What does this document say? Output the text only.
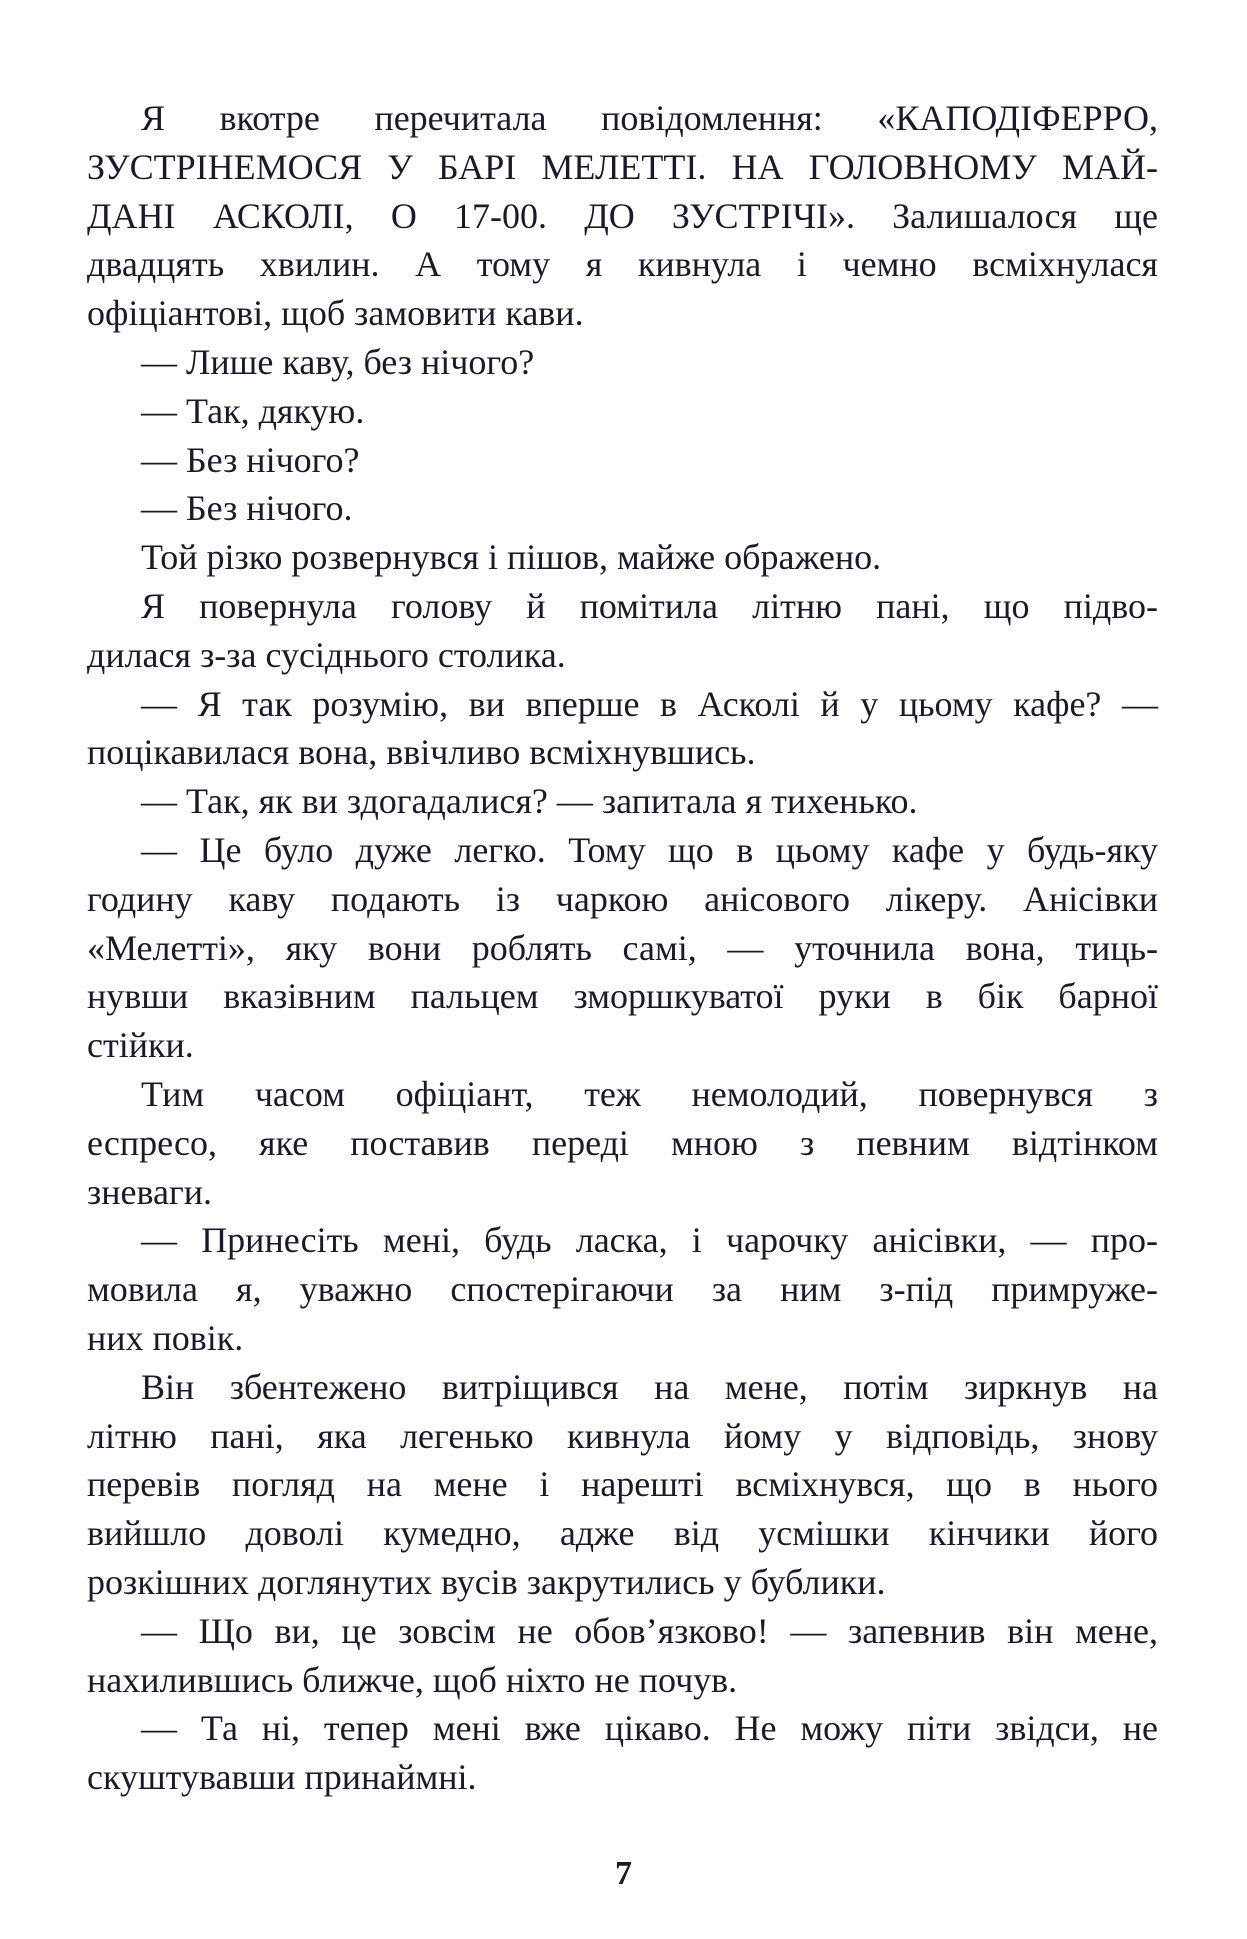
Я вкотре перечитала повідомлення: «КАПОДІФЕРРО,
ЗУСТРІНЕМОСЯ У БАРІ МЕЛЕТТІ. НА ГОЛОВНОМУ МАЙ-
ДАНІ АСКОЛІ, О 17-00. ДО ЗУСТРІЧІ». Залишалося ще
двадцять хвилин. А тому я кивнула і чемно всміхнулася
офіціантові, щоб замовити кави.
— Лише каву, без нічого?
— Так, дякую.
— Без нічого?
— Без нічого.
Той різко розвернувся і пішов, майже ображено.
Я повернула голову й помітила літню пані, що підво-
дилася з-за сусіднього столика.
— Я так розумію, ви вперше в Асколі й у цьому кафе? —
поцікавилася вона, ввічливо всміхнувшись.
— Так, як ви здогадалися? — запитала я тихенько.
— Це було дуже легко. Тому що в цьому кафе у будь-яку
годину каву подають із чаркою анісового лікеру. Анісівки
«Мелетті», яку вони роблять самі, — уточнила вона, тиць-
нувши вказівним пальцем зморшкуватої руки в бік барної
стійки.
Тим часом офіціант, теж немолодий, повернувся з
еспресо, яке поставив переді мною з певним відтінком
зневаги.
— Принесіть мені, будь ласка, і чарочку анісівки, — про-
мовила я, уважно спостерігаючи за ним з-під примруже-
них повік.
Він збентежено витріщився на мене, потім зиркнув на
літню пані, яка легенько кивнула йому у відповідь, знову
перевів погляд на мене і нарешті всміхнувся, що в нього
вийшло доволі кумедно, адже від усмішки кінчики його
розкішних доглянутих вусів закрутились у бублики.
— Що ви, це зовсім не обов’язково! — запевнив він мене,
нахилившись ближче, щоб ніхто не почув.
— Та ні, тепер мені вже цікаво. Не можу піти звідси, не
скуштувавши принаймні.
7
